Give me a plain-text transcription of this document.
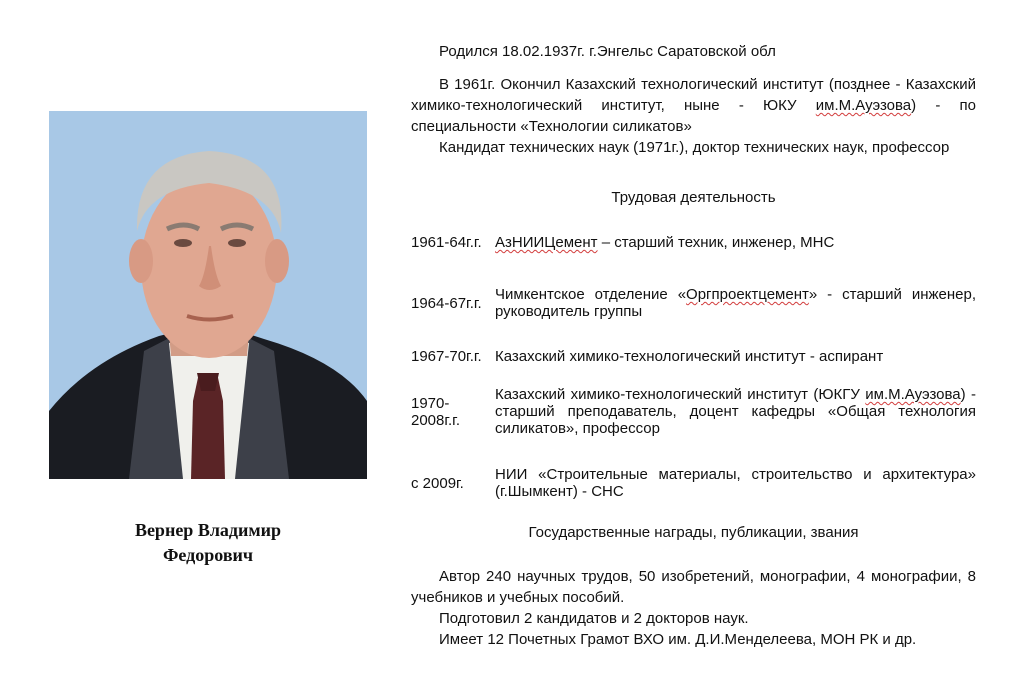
Вернер Владимир
Федорович

Родился 18.02.1937г. г.Энгельс Саратовской обл

В 1961г. Окончил Казахский технологический институт (позднее - Казахский химико-технологический институт, ныне - ЮКУ им.М.Ауэзова) - по специальности «Технологии силикатов»

Кандидат технических наук (1971г.), доктор технических наук, профессор

Трудовая деятельность

1961-64г.г. АзНИИЦемент – старший техник, инженер, МНС
1964-67г.г. Чимкентское отделение «Оргпроектцемент» - старший инженер, руководитель группы
1967-70г.г. Казахский химико-технологический институт - аспирант
1970-2008г.г.
Казахский химико-технологический институт (ЮКГУ им.М.Ауэзова) - старший преподаватель, доцент кафедры «Общая технология силикатов», профессор
с 2009г.	НИИ «Строительные материалы, строительство и архитектура» (г.Шымкент) - СНС

Государственные награды, публикации, звания

Автор 240 научных трудов, 50 изобретений, монографии, 4 монографии, 8 учебников и учебных пособий.

Подготовил 2 кандидатов и 2 докторов наук.

Имеет 12 Почетных Грамот ВХО им. Д.И.Менделеева, МОН РК и др.
